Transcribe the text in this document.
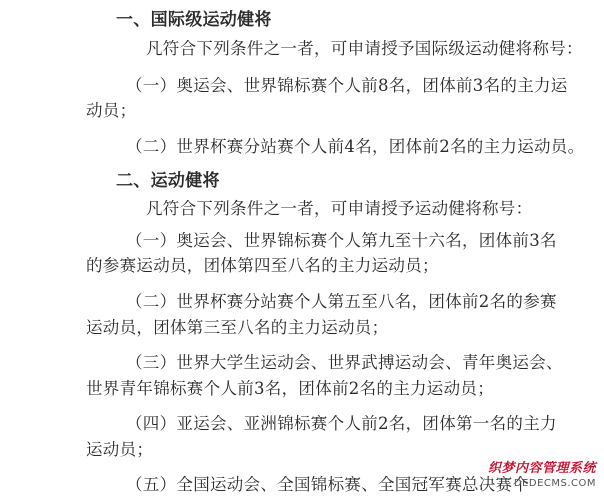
一、国际级运动健将
凡符合下列条件之一者，可申请授予国际级运动健将称号：
（一）奥运会、世界锦标赛个人前8名，团体前3名的主力运
动员；
（二）世界杯赛分站赛个人前4名，团体前2名的主力运动员。
二、运动健将
凡符合下列条件之一者，可申请授予运动健将称号：
（一）奥运会、世界锦标赛个人第九至十六名，团体前3名
的参赛运动员，团体第四至八名的主力运动员；
（二）世界杯赛分站赛个人第五至八名，团体前2名的参赛
运动员，团体第三至八名的主力运动员；
（三）世界大学生运动会、世界武搏运动会、青年奥运会、
世界青年锦标赛个人前3名，团体前2名的主力运动员；
（四）亚运会、亚洲锦标赛个人前2名，团体第一名的主力
运动员；
（五）全国运动会、全国锦标赛、全国冠军赛总决赛个
织梦内容管理系统
DEDECMS.COM
